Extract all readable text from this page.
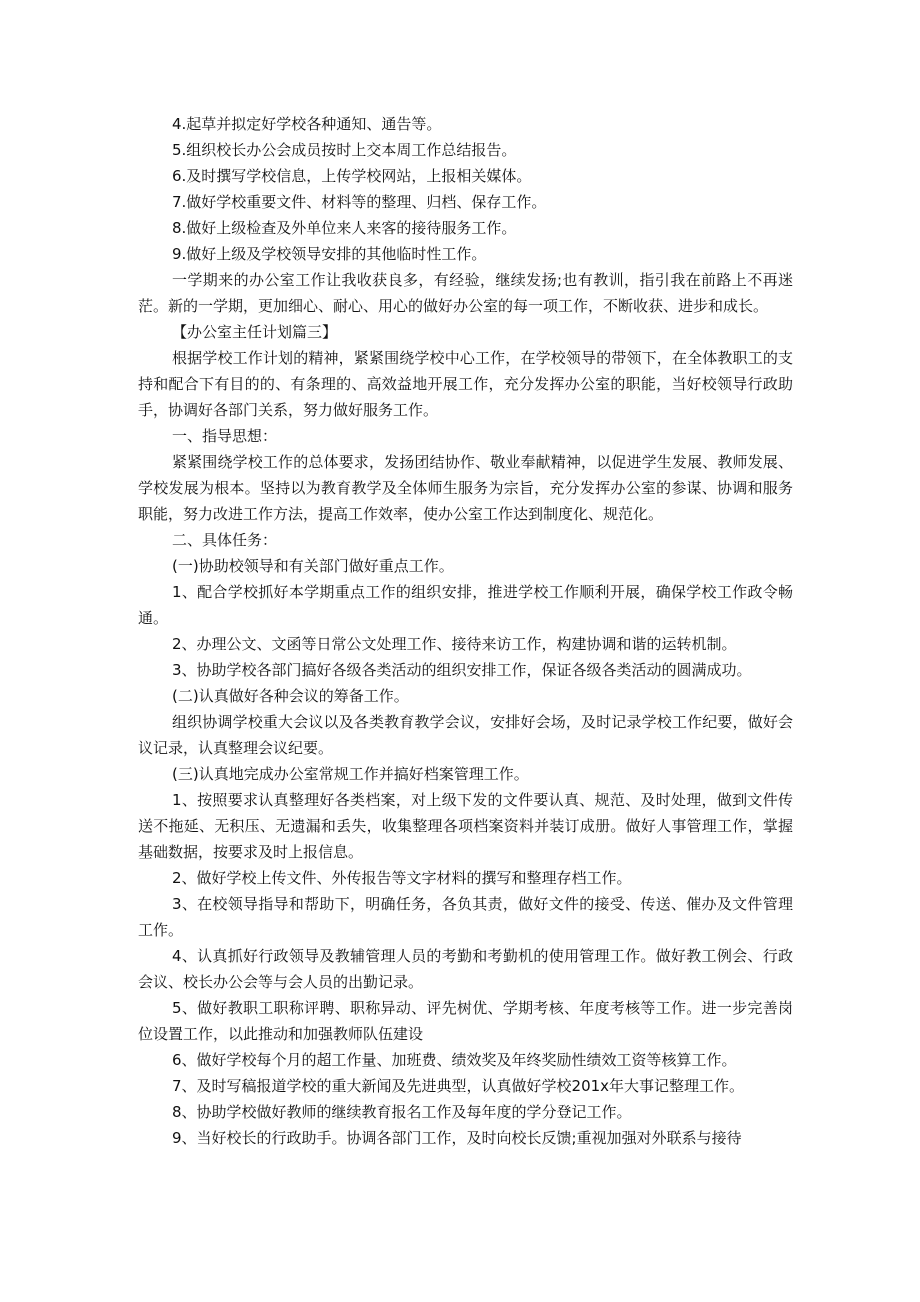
4.起草并拟定好学校各种通知、通告等。

5.组织校长办公会成员按时上交本周工作总结报告。

6.及时撰写学校信息，上传学校网站，上报相关媒体。

7.做好学校重要文件、材料等的整理、归档、保存工作。

8.做好上级检查及外单位来人来客的接待服务工作。

9.做好上级及学校领导安排的其他临时性工作。

一学期来的办公室工作让我收获良多，有经验，继续发扬;也有教训，指引我在前路上不再迷茫。新的一学期，更加细心、耐心、用心的做好办公室的每一项工作，不断收获、进步和成长。

【办公室主任计划篇三】

根据学校工作计划的精神，紧紧围绕学校中心工作，在学校领导的带领下，在全体教职工的支持和配合下有目的的、有条理的、高效益地开展工作，充分发挥办公室的职能，当好校领导行政助手，协调好各部门关系，努力做好服务工作。

一、指导思想：

紧紧围绕学校工作的总体要求，发扬团结协作、敬业奉献精神，以促进学生发展、教师发展、学校发展为根本。坚持以为教育教学及全体师生服务为宗旨，充分发挥办公室的参谋、协调和服务职能，努力改进工作方法，提高工作效率，使办公室工作达到制度化、规范化。

二、具体任务：

(一)协助校领导和有关部门做好重点工作。

1、配合学校抓好本学期重点工作的组织安排，推进学校工作顺利开展，确保学校工作政令畅通。

2、办理公文、文函等日常公文处理工作、接待来访工作，构建协调和谐的运转机制。

3、协助学校各部门搞好各级各类活动的组织安排工作，保证各级各类活动的圆满成功。

(二)认真做好各种会议的筹备工作。

组织协调学校重大会议以及各类教育教学会议，安排好会场，及时记录学校工作纪要，做好会议记录，认真整理会议纪要。

(三)认真地完成办公室常规工作并搞好档案管理工作。

1、按照要求认真整理好各类档案，对上级下发的文件要认真、规范、及时处理，做到文件传送不拖延、无积压、无遗漏和丢失，收集整理各项档案资料并装订成册。做好人事管理工作，掌握基础数据，按要求及时上报信息。

2、做好学校上传文件、外传报告等文字材料的撰写和整理存档工作。

3、在校领导指导和帮助下，明确任务，各负其责，做好文件的接受、传送、催办及文件管理工作。

4、认真抓好行政领导及教辅管理人员的考勤和考勤机的使用管理工作。做好教工例会、行政会议、校长办公会等与会人员的出勤记录。

5、做好教职工职称评聘、职称异动、评先树优、学期考核、年度考核等工作。进一步完善岗位设置工作，以此推动和加强教师队伍建设

6、做好学校每个月的超工作量、加班费、绩效奖及年终奖励性绩效工资等核算工作。

7、及时写稿报道学校的重大新闻及先进典型，认真做好学校201x年大事记整理工作。

8、协助学校做好教师的继续教育报名工作及每年度的学分登记工作。

9、当好校长的行政助手。协调各部门工作，及时向校长反馈;重视加强对外联系与接待
